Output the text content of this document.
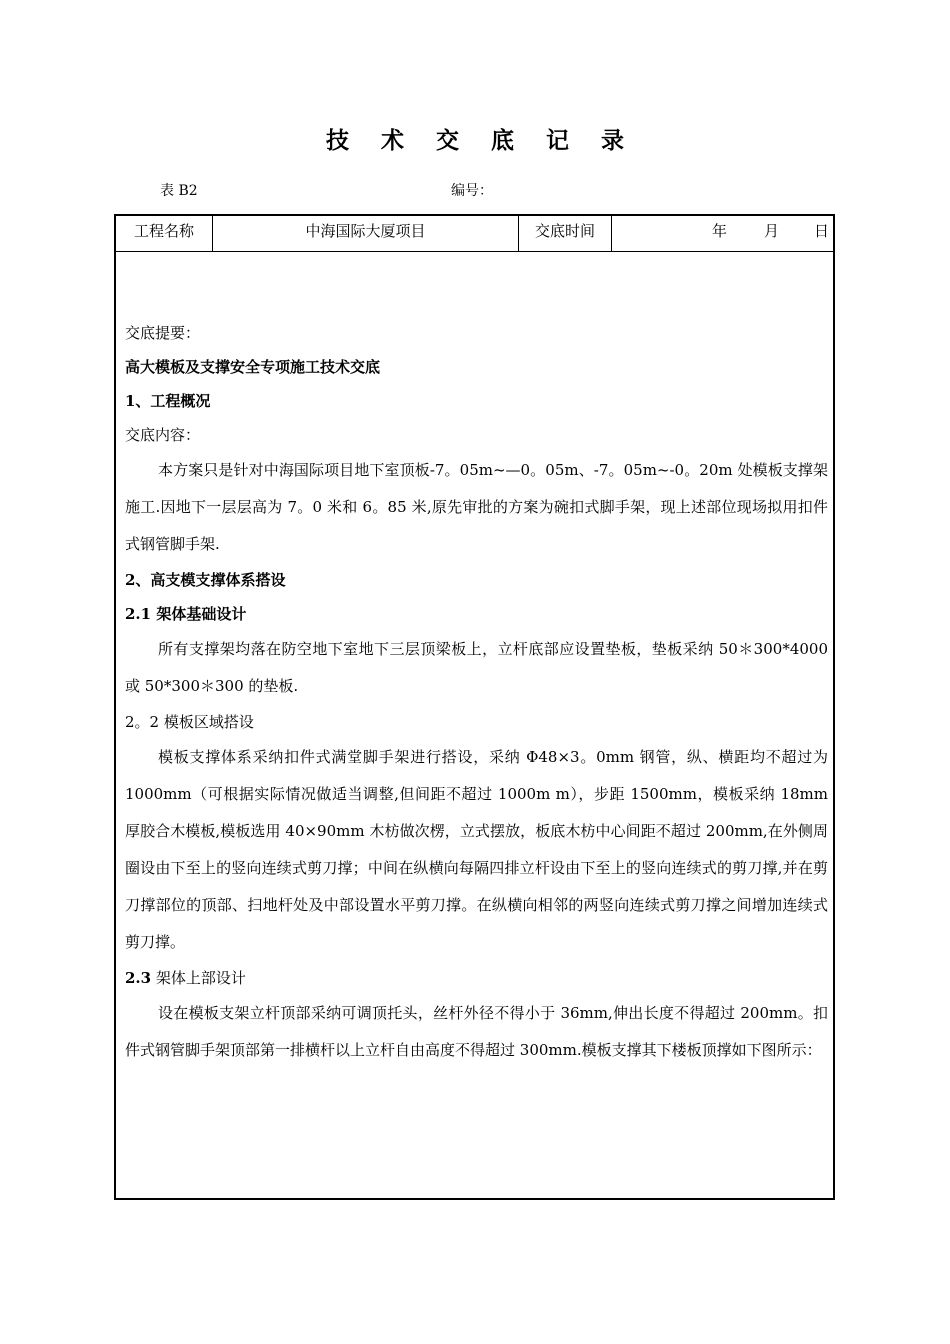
技 术 交 底 记 录
表 B2	编号：
工程名称	中海国际大厦项目	交底时间	年 月 日

交底提要：

高大模板及支撑安全专项施工技术交底

1、工程概况

交底内容：

本方案只是针对中海国际项目地下室顶板-7。05m~—0。05m、-7。05m~-0。20m 处模板支撑架施工.因地下一层层高为 7。0 米和 6。85 米,原先审批的方案为碗扣式脚手架，现上述部位现场拟用扣件式钢管脚手架.

2、高支模支撑体系搭设

2.1 架体基础设计

所有支撑架均落在防空地下室地下三层顶梁板上，立杆底部应设置垫板，垫板采纳 50＊300*4000 或 50*300＊300 的垫板.

2。2 模板区域搭设

模板支撑体系采纳扣件式满堂脚手架进行搭设，采纳 Φ48×3。0mm 钢管，纵、横距均不超过为 1000mm（可根据实际情况做适当调整,但间距不超过 1000m m），步距 1500mm，模板采纳 18mm 厚胶合木模板,模板选用 40×90mm 木枋做次楞，立式摆放，板底木枋中心间距不超过 200mm,在外侧周圈设由下至上的竖向连续式剪刀撑；中间在纵横向每隔四排立杆设由下至上的竖向连续式的剪刀撑,并在剪刀撑部位的顶部、扫地杆处及中部设置水平剪刀撑。在纵横向相邻的两竖向连续式剪刀撑之间增加连续式剪刀撑。

2.3 架体上部设计

设在模板支架立杆顶部采纳可调顶托头，丝杆外径不得小于 36mm,伸出长度不得超过 200mm。扣件式钢管脚手架顶部第一排横杆以上立杆自由高度不得超过 300mm.模板支撑其下楼板顶撑如下图所示：
